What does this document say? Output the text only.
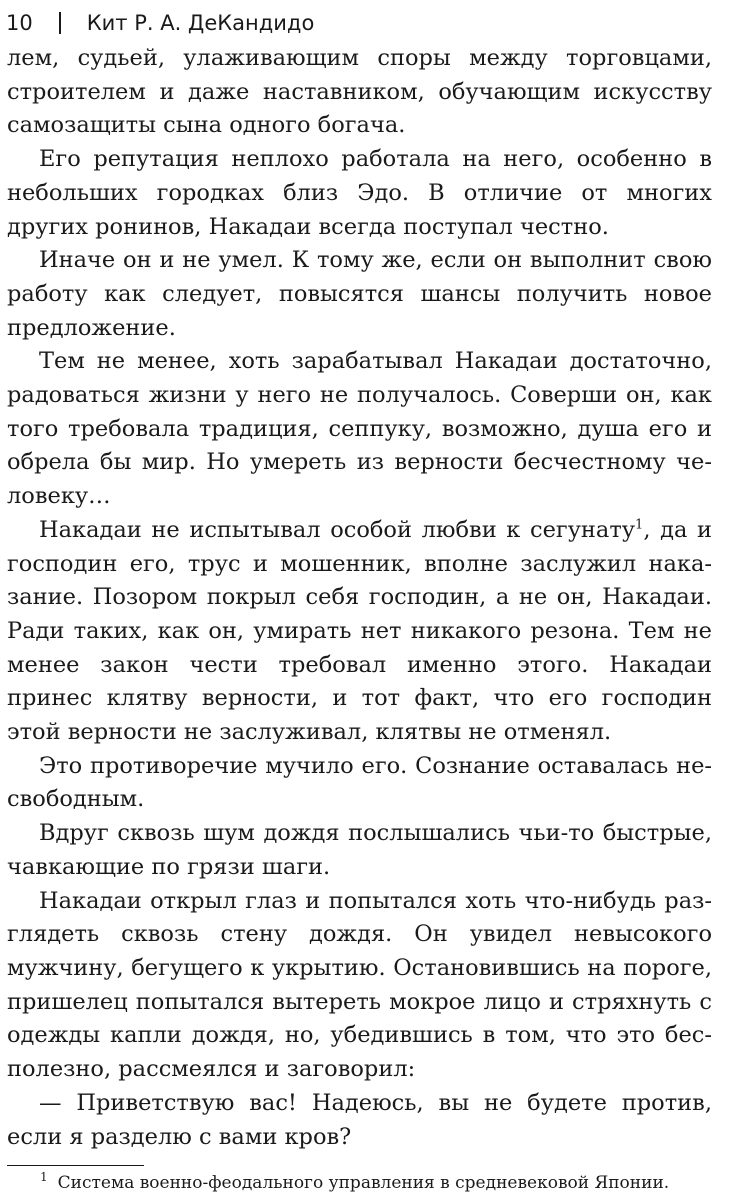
10	Кит Р. А. ДеКандидо

лем, судьей, улаживающим споры между торговцами, строителем и даже наставником, обучающим искусству самозащиты сына одного богача.

Его репутация неплохо работала на него, особенно в небольших городках близ Эдо. В отличие от многих других ронинов, Накадаи всегда поступал честно.

Иначе он и не умел. К тому же, если он выполнит свою работу как следует, повысятся шансы получить новое предложение.

Тем не менее, хоть зарабатывал Накадаи достаточно, радоваться жизни у него не получалось. Соверши он, как того требовала традиция, сеппуку, возможно, душа его и обрела бы мир. Но умереть из верности бесчестному человеку…

Накадаи не испытывал особой любви к сегунату$^1$, да и господин его, трус и мошенник, вполне заслужил наказание. Позором покрыл себя господин, а не он, Накадаи. Ради таких, как он, умирать нет никакого резона. Тем не менее закон чести требовал именно этого. Накадаи принес клятву верности, и тот факт, что его господин этой верности не заслуживал, клятвы не отменял.

Это противоречие мучило его. Сознание оставалась несвободным.

Вдруг сквозь шум дождя послышались чьи-то быстрые, чавкающие по грязи шаги.

Накадаи открыл глаз и попытался хоть что-нибудь разглядеть сквозь стену дождя. Он увидел невысокого мужчину, бегущего к укрытию. Остановившись на пороге, пришелец попытался вытереть мокрое лицо и стряхнуть с одежды капли дождя, но, убедившись в том, что это бесполезно, рассмеялся и заговорил:

— Приветствую вас! Надеюсь, вы не будете против, если я разделю с вами кров?

$^1$ Система военно-феодального управления в средневековой Японии.
